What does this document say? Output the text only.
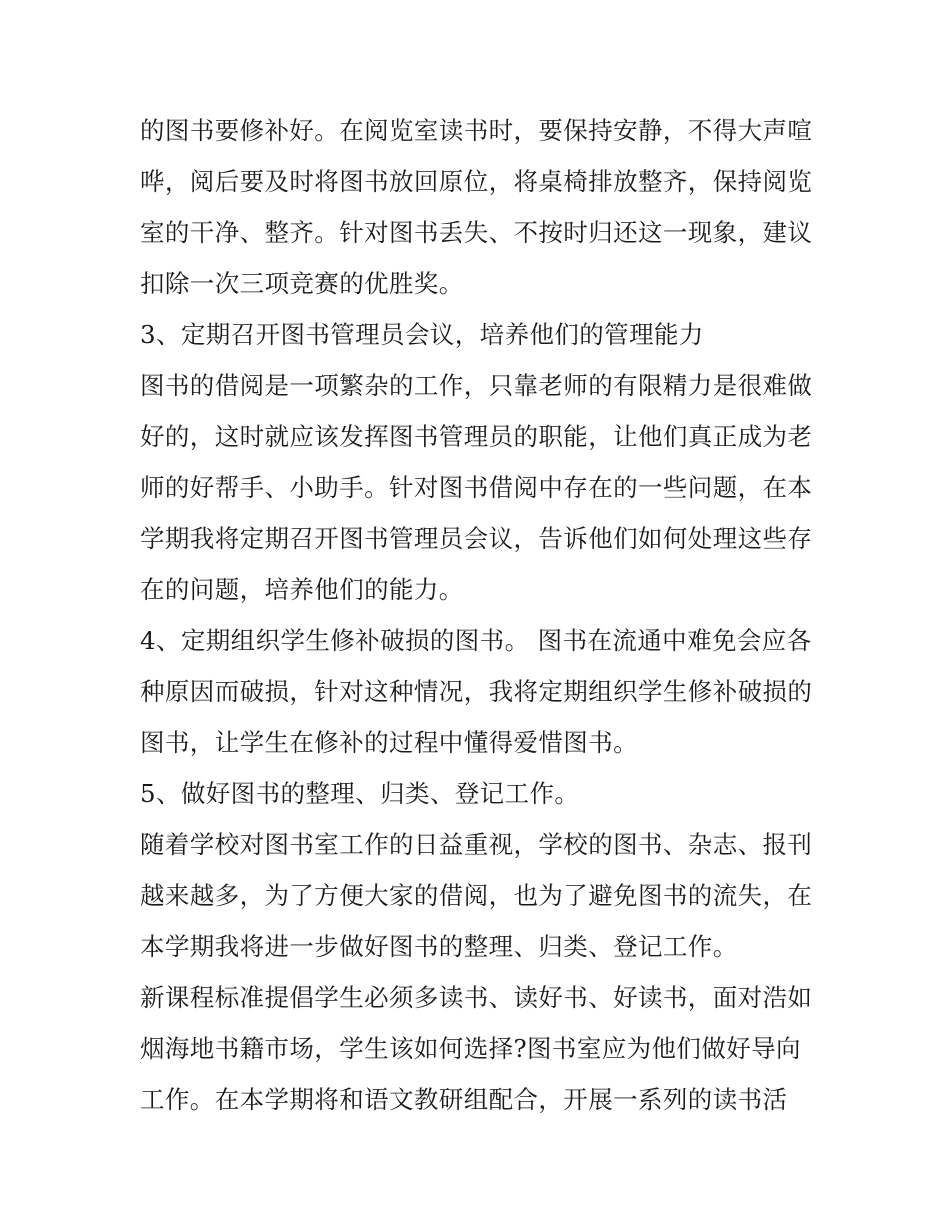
的图书要修补好。在阅览室读书时，要保持安静，不得大声喧
哗，阅后要及时将图书放回原位，将桌椅排放整齐，保持阅览
室的干净、整齐。针对图书丢失、不按时归还这一现象，建议
扣除一次三项竞赛的优胜奖。
3、定期召开图书管理员会议，培养他们的管理能力
图书的借阅是一项繁杂的工作，只靠老师的有限精力是很难做
好的，这时就应该发挥图书管理员的职能，让他们真正成为老
师的好帮手、小助手。针对图书借阅中存在的一些问题，在本
学期我将定期召开图书管理员会议，告诉他们如何处理这些存
在的问题，培养他们的能力。
4、定期组织学生修补破损的图书。 图书在流通中难免会应各
种原因而破损，针对这种情况，我将定期组织学生修补破损的
图书，让学生在修补的过程中懂得爱惜图书。
5、做好图书的整理、归类、登记工作。
随着学校对图书室工作的日益重视，学校的图书、杂志、报刊
越来越多，为了方便大家的借阅，也为了避免图书的流失，在
本学期我将进一步做好图书的整理、归类、登记工作。
新课程标准提倡学生必须多读书、读好书、好读书，面对浩如
烟海地书籍市场，学生该如何选择?图书室应为他们做好导向
工作。在本学期将和语文教研组配合，开展一系列的读书活
